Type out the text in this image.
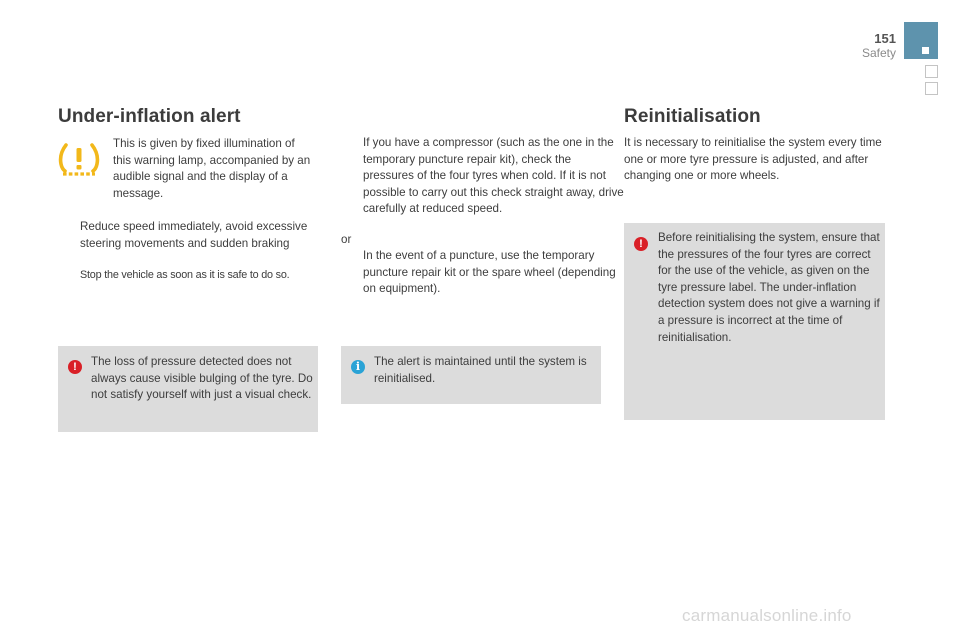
151
Safety
Under-inflation alert

This is given by fixed illumination of this warning lamp, accompanied by an audible signal and the display of a message.

Reduce speed immediately, avoid excessive steering movements and sudden braking

Stop the vehicle as soon as it is safe to do so.

!	The loss of pressure detected does not always cause visible bulging of the tyre. Do not satisfy yourself with just a visual check.

If you have a compressor (such as the one in the temporary puncture repair kit), check the pressures of the four tyres when cold. If it is not possible to carry out this check straight away, drive carefully at reduced speed.

or

In the event of a puncture, use the temporary puncture repair kit or the spare wheel (depending on equipment).

i	The alert is maintained until the system is reinitialised.

Reinitialisation

It is necessary to reinitialise the system every time one or more tyre pressure is adjusted, and after changing one or more wheels.

!	Before reinitialising the system, ensure that the pressures of the four tyres are correct for the use of the vehicle, as given on the tyre pressure label. The under-inflation detection system does not give a warning if a pressure is incorrect at the time of reinitialisation.

carmanualsonline.info
